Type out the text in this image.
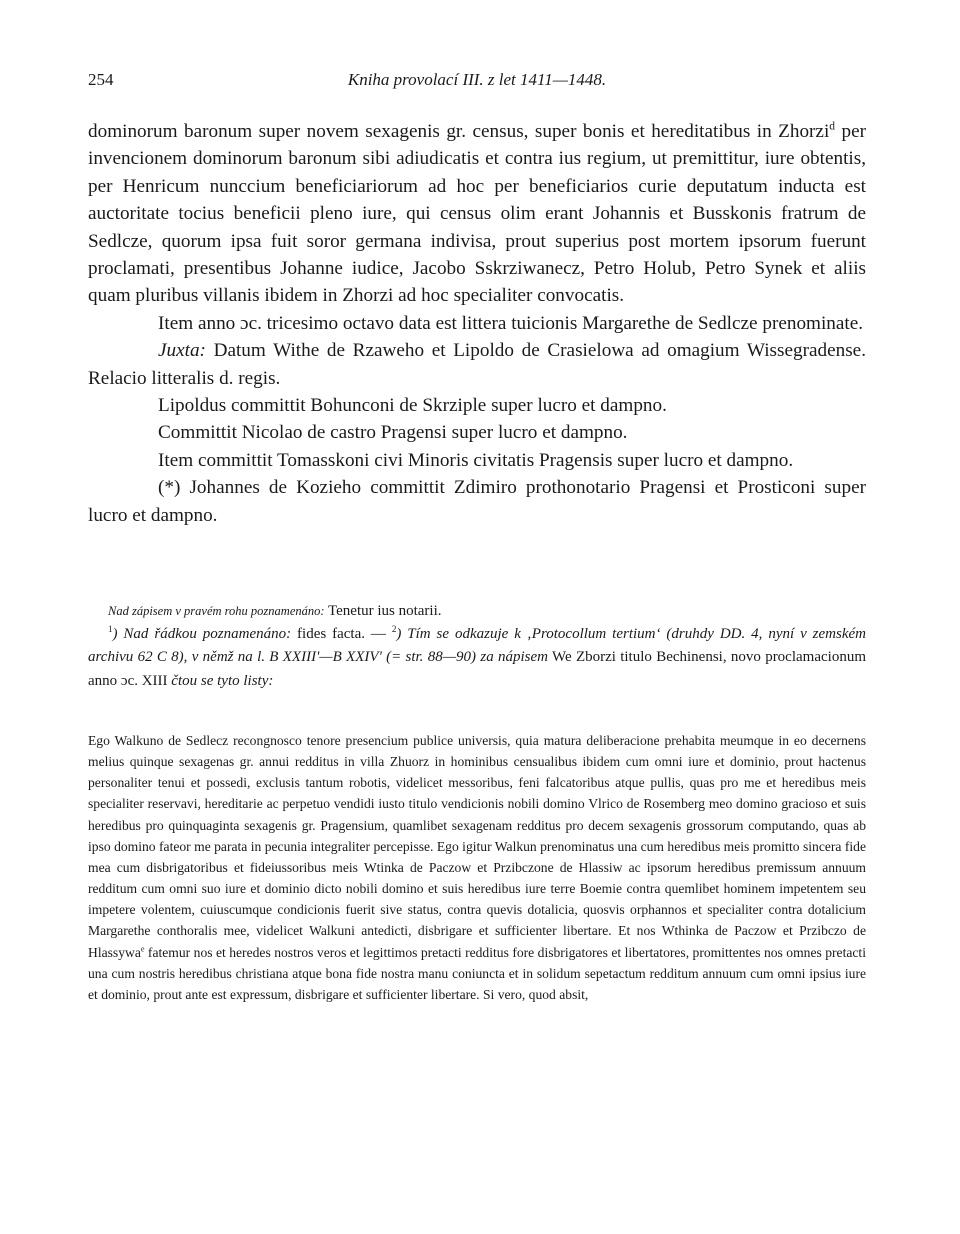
254	Kniha provolací III. z let 1411—1448.

dominorum baronum super novem sexagenis gr. census, super bonis et hereditatibus in Zhorzi$^d$ per invencionem dominorum baronum sibi adiudicatis et contra ius regium, ut premittitur, iure obtentis, per Henricum nunccium beneficiariorum ad hoc per beneficiarios curie deputatum inducta est auctoritate tocius beneficii pleno iure, qui census olim erant Johannis et Busskonis fratrum de Sedlcze, quorum ipsa fuit soror germana indivisa, prout superius post mortem ipsorum fuerunt proclamati, presentibus Johanne iudice, Jacobo Sskrziwanecz, Petro Holub, Petro Synek et aliis quam pluribus villanis ibidem in Zhorzi ad hoc specialiter convocatis.

Item anno ɔc. tricesimo octavo data est littera tuicionis Margarethe de Sedlcze prenominate.

Juxta: Datum Withe de Rzaweho et Lipoldo de Crasielowa ad omagium Wissegradense. Relacio litteralis d. regis.

Lipoldus committit Bohunconi de Skrziple super lucro et dampno.

Committit Nicolao de castro Pragensi super lucro et dampno.

Item committit Tomasskoni civi Minoris civitatis Pragensis super lucro et dampno.

(*) Johannes de Kozieho committit Zdimiro prothonotario Pragensi et Prosticoni super lucro et dampno.

Nad zápisem v pravém rohu poznamenáno: Tenetur ius notarii.

$^1$) Nad řádkou poznamenáno: fides facta. — $^2$) Tím se odkazuje k ‚Protocollum tertium‘ (druhdy DD. 4, nyní v zemském archivu 62 C 8), v němž na l. B XXIII'—B XXIV' (= str. 88—90) za nápisem We Zborzi titulo Bechinensi, novo proclamacionum anno ɔc. XIII čtou se tyto listy:

Ego Walkuno de Sedlecz recongnosco tenore presencium publice universis, quia matura deliberacione prehabita meumque in eo decernens melius quinque sexagenas gr. annui redditus in villa Zhuorz in hominibus censualibus ibidem cum omni iure et dominio, prout hactenus personaliter tenui et possedi, exclusis tantum robotis, videlicet messoribus, feni falcatoribus atque pullis, quas pro me et heredibus meis specialiter reservavi, hereditarie ac perpetuo vendidi iusto titulo vendicionis nobili domino Vlrico de Rosemberg meo domino gracioso et suis heredibus pro quinquaginta sexagenis gr. Pragensium, quamlibet sexagenam redditus pro decem sexagenis grossorum computando, quas ab ipso domino fateor me parata in pecunia integraliter percepisse. Ego igitur Walkun prenominatus una cum heredibus meis promitto sincera fide mea cum disbrigatoribus et fideiussoribus meis Wtinka de Paczow et Przibczone de Hlassiw ac ipsorum heredibus premissum annuum redditum cum omni suo iure et dominio dicto nobili domino et suis heredibus iure terre Boemie contra quemlibet hominem impetentem seu impetere volentem, cuiuscumque condicionis fuerit sive status, contra quevis dotalicia, quosvis orphannos et specialiter contra dotalicium Margarethe conthoralis mee, videlicet Walkuni antedicti, disbrigare et sufficienter libertare. Et nos Wthinka de Paczow et Przibczo de Hlassywa$^e$ fatemur nos et heredes nostros veros et legittimos pretacti redditus fore disbrigatores et libertatores, promittentes nos omnes pretacti una cum nostris heredibus christiana atque bona fide nostra manu coniuncta et in solidum sepetactum redditum annuum cum omni ipsius iure et dominio, prout ante est expressum, disbrigare et sufficienter libertare. Si vero, quod absit,
